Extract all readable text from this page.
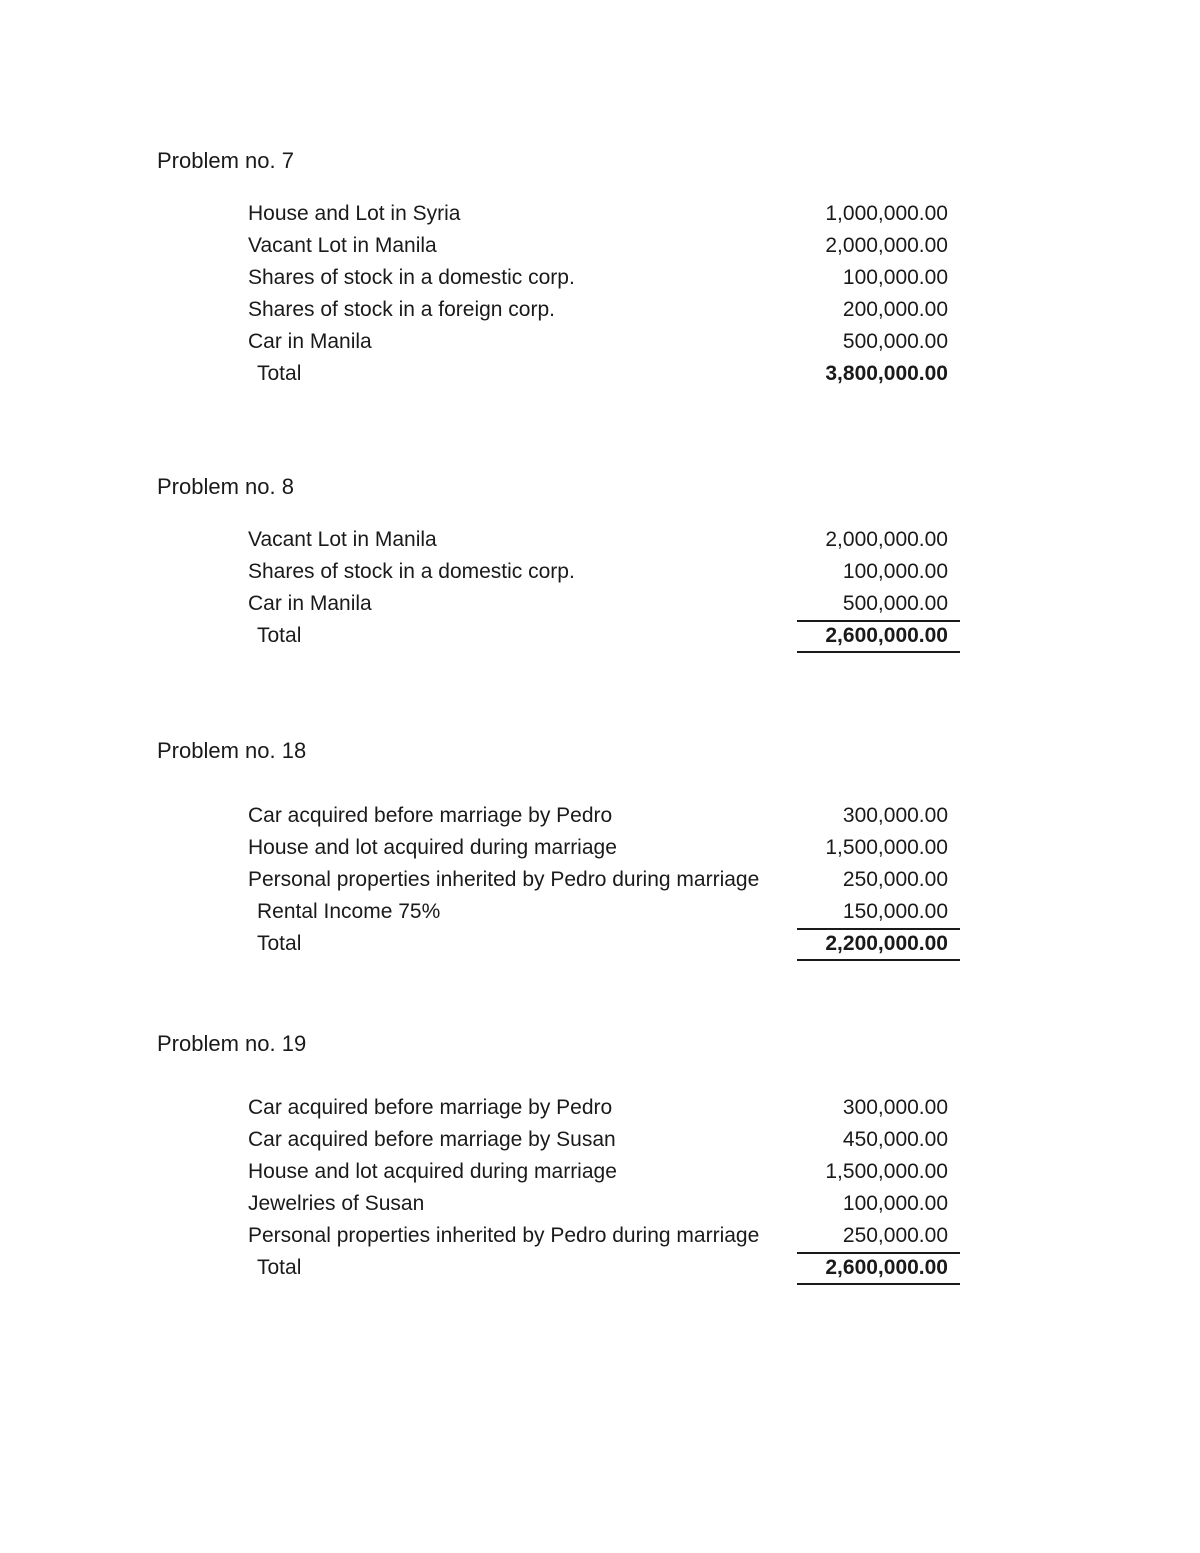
Problem no. 7
House and Lot in Syria	1,000,000.00
Vacant Lot in Manila	2,000,000.00
Shares of stock in a domestic corp.	100,000.00
Shares of stock in a foreign corp.	200,000.00
Car in Manila	500,000.00
Total	3,800,000.00
Problem no. 8
Vacant Lot in Manila	2,000,000.00
Shares of stock in a domestic corp.	100,000.00
Car in Manila	500,000.00
Total	2,600,000.00
Problem no. 18
Car acquired before marriage by Pedro	300,000.00
House and lot acquired during marriage	1,500,000.00
Personal properties inherited by Pedro during marriage	250,000.00
Rental Income 75%	150,000.00
Total	2,200,000.00
Problem no. 19
Car acquired before marriage by Pedro	300,000.00
Car acquired before marriage by Susan	450,000.00
House and lot acquired during marriage	1,500,000.00
Jewelries of Susan	100,000.00
Personal properties inherited by Pedro during marriage	250,000.00
Total	2,600,000.00
